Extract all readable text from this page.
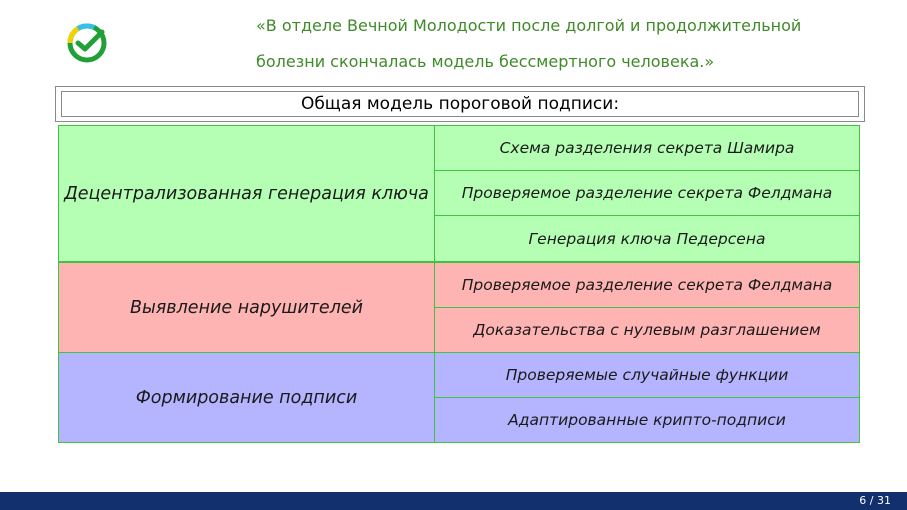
«В отделе Вечной Молодости после долгой и продолжительной
болезни скончалась модель бессмертного человека.»
Общая модель пороговой подписи:
Децентрализованная генерация ключа
Схема разделения секрета Шамира
Проверяемое разделение секрета Фелдмана
Генерация ключа Педерсена
Выявление нарушителей
Проверяемое разделение секрета Фелдмана
Доказательства с нулевым разглашением
Формирование подписи
Проверяемые случайные функции
Адаптированные крипто-подписи
6 / 31
